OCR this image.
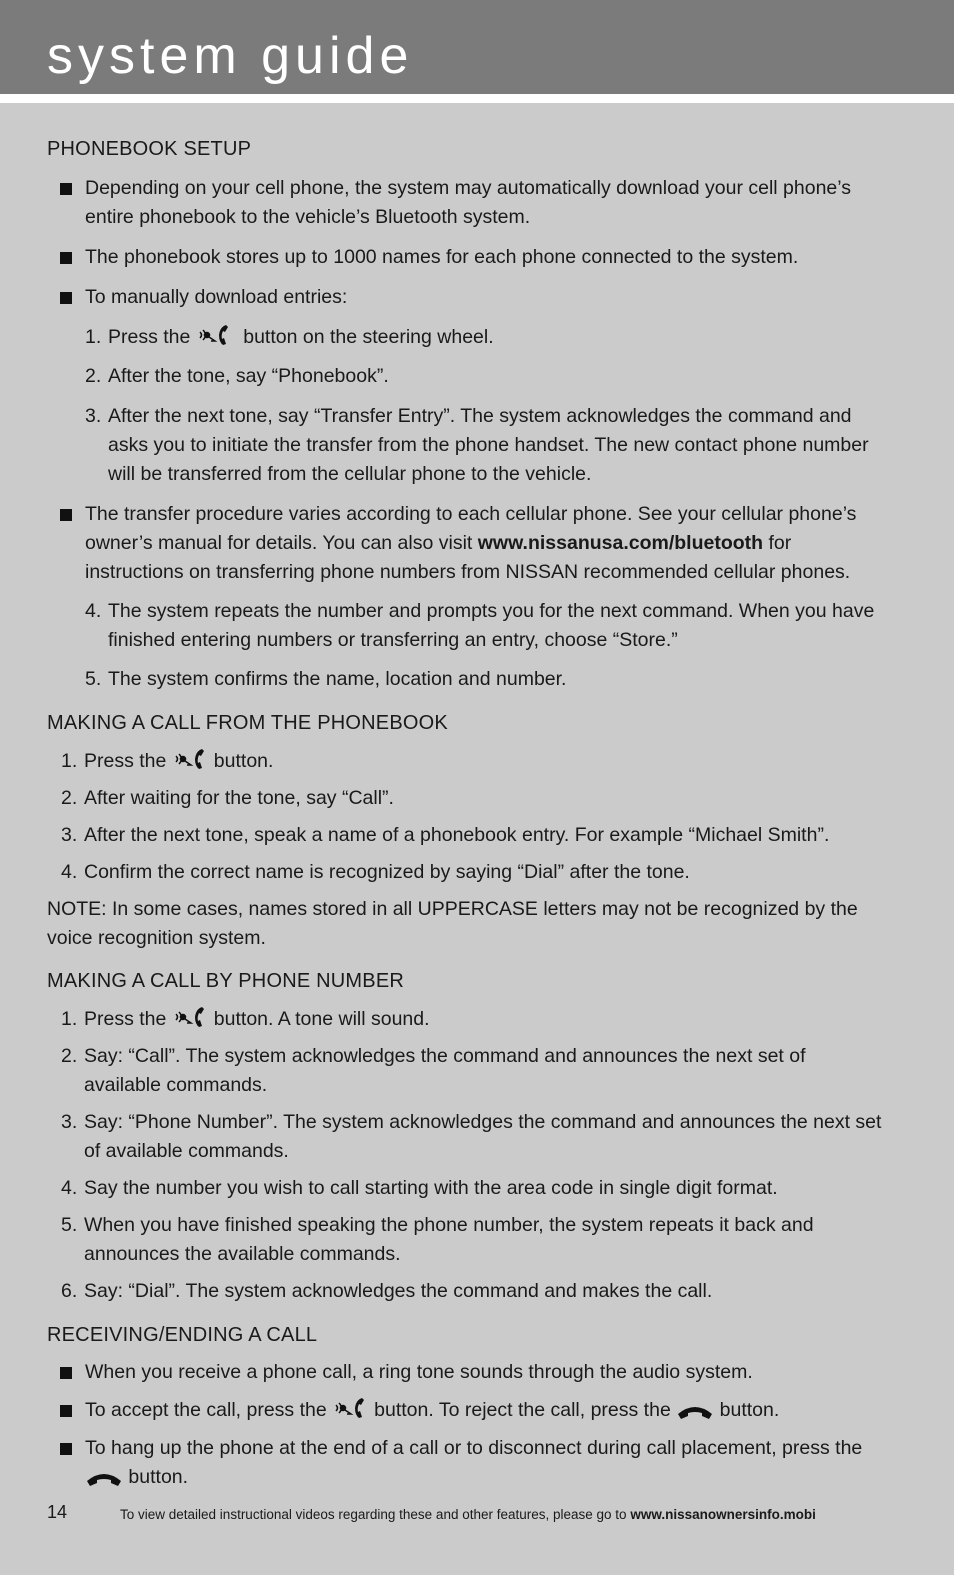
system guide

PHONEBOOK SETUP

Depending on your cell phone, the system may automatically download your cell phone’s entire phonebook to the vehicle’s Bluetooth system.

The phonebook stores up to 1000 names for each phone connected to the system.

To manually download entries:

1. Press the	button on the steering wheel.

2. After the tone, say “Phonebook”.

3. After the next tone, say “Transfer Entry”. The system acknowledges the command and asks you to initiate the transfer from the phone handset. The new contact phone number will be transferred from the cellular phone to the vehicle.

The transfer procedure varies according to each cellular phone. See your cellular phone’s owner’s manual for details. You can also visit www.nissanusa.com/bluetooth for instructions on transferring phone numbers from NISSAN recommended cellular phones.

4. The system repeats the number and prompts you for the next command. When you have finished entering numbers or transferring an entry, choose “Store.”

5. The system confirms the name, location and number.

MAKING A CALL FROM THE PHONEBOOK

1. Press the button.

2. After waiting for the tone, say “Call”.

3. After the next tone, speak a name of a phonebook entry. For example “Michael Smith”.

4. Confirm the correct name is recognized by saying “Dial” after the tone.

NOTE: In some cases, names stored in all UPPERCASE letters may not be recognized by the voice recognition system.

MAKING A CALL BY PHONE NUMBER

1. Press the button. A tone will sound.

2. Say: “Call”. The system acknowledges the command and announces the next set of available commands.

3. Say: “Phone Number”. The system acknowledges the command and announces the next set of available commands.

4. Say the number you wish to call starting with the area code in single digit format.

5. When you have finished speaking the phone number, the system repeats it back and announces the available commands.

6. Say: “Dial”. The system acknowledges the command and makes the call.

RECEIVING/ENDING A CALL

When you receive a phone call, a ring tone sounds through the audio system.

To accept the call, press the button. To reject the call, press the	button.

To hang up the phone at the end of a call or to disconnect during call placement, press the  button.

14	To view detailed instructional videos regarding these and other features, please go to www.nissanownersinfo.mobi
